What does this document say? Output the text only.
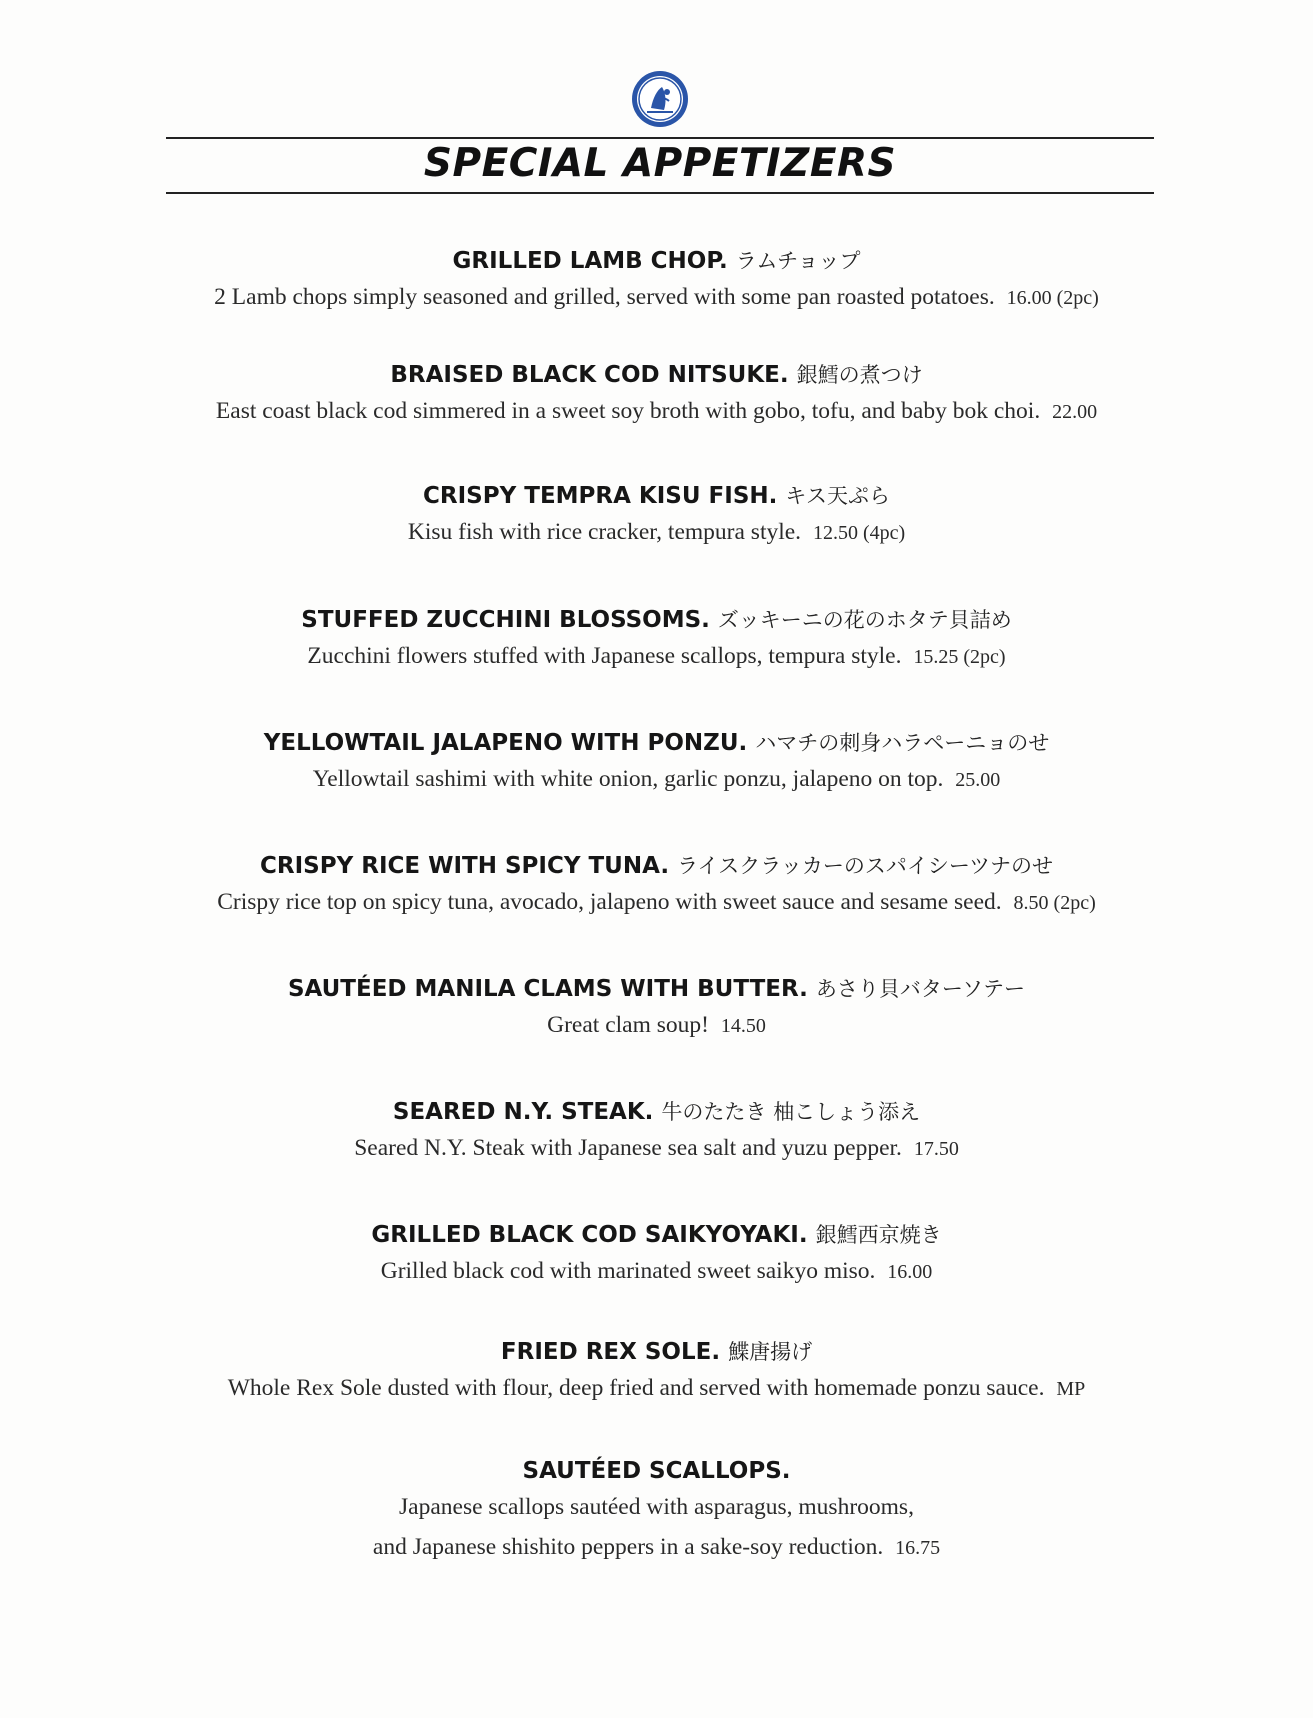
SPECIAL APPETIZERS
GRILLED LAMB CHOP. ラムチョップ
2 Lamb chops simply seasoned and grilled, served with some pan roasted potatoes. 16.00 (2pc)
BRAISED BLACK COD NITSUKE. 銀鱈の煮つけ
East coast black cod simmered in a sweet soy broth with gobo, tofu, and baby bok choi. 22.00
CRISPY TEMPRA KISU FISH. キス天ぷら
Kisu fish with rice cracker, tempura style. 12.50 (4pc)
STUFFED ZUCCHINI BLOSSOMS. ズッキーニの花のホタテ貝詰め
Zucchini flowers stuffed with Japanese scallops, tempura style. 15.25 (2pc)
YELLOWTAIL JALAPENO WITH PONZU. ハマチの刺身ハラペーニョのせ
Yellowtail sashimi with white onion, garlic ponzu, jalapeno on top. 25.00
CRISPY RICE WITH SPICY TUNA. ライスクラッカーのスパイシーツナのせ
Crispy rice top on spicy tuna, avocado, jalapeno with sweet sauce and sesame seed. 8.50 (2pc)
SAUTÉED MANILA CLAMS WITH BUTTER. あさり貝バターソテー
Great clam soup! 14.50
SEARED N.Y. STEAK. 牛のたたき 柚こしょう添え
Seared N.Y. Steak with Japanese sea salt and yuzu pepper. 17.50
GRILLED BLACK COD SAIKYOYAKI. 銀鱈西京焼き
Grilled black cod with marinated sweet saikyo miso. 16.00
FRIED REX SOLE. 鰈唐揚げ
Whole Rex Sole dusted with flour, deep fried and served with homemade ponzu sauce. MP
SAUTÉED SCALLOPS.
Japanese scallops sautéed with asparagus, mushrooms,
and Japanese shishito peppers in a sake-soy reduction. 16.75
